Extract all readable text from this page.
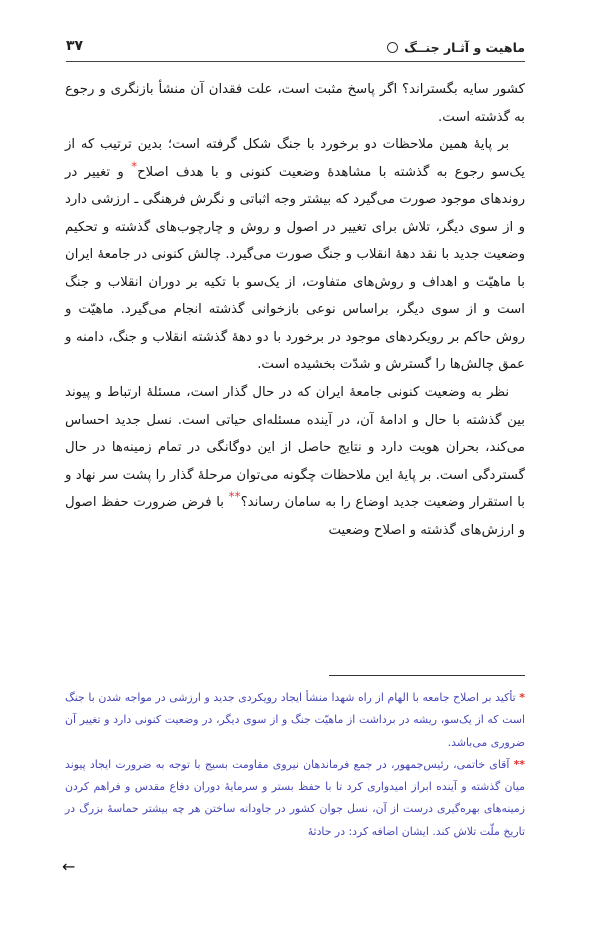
ماهیت و آثـار جنــگ
۳۷

کشور سایه بگستراند؟ اگر پاسخ مثبت است، علت فقدان آن منشأ بازنگری و رجوع به گذشته است.

بر پایهٔ همین ملاحظات دو برخورد با جنگ شکل گرفته است؛ بدین ترتیب که از یک‌سو رجوع به گذشته با مشاهدهٔ وضعیت کنونی و با هدف اصلاح* و تغییر در روندهای موجود صورت می‌گیرد که بیشتر وجه اثباتی و نگرش فرهنگی ـ ارزشی دارد و از سوی دیگر، تلاش برای تغییر در اصول و روش و چارچوب‌های گذشته و تحکیم وضعیت جدید با نقد دههٔ انقلاب و جنگ صورت می‌گیرد. چالش کنونی در جامعهٔ ایران با ماهیّت و اهداف و روش‌های متفاوت، از یک‌سو با تکیه بر دوران انقلاب و جنگ است و از سوی دیگر، براساس نوعی بازخوانی گذشته انجام می‌گیرد. ماهیّت و روش حاکم بر رویکردهای موجود در برخورد با دو دههٔ گذشته انقلاب و جنگ، دامنه و عمق چالش‌ها را گسترش و شدّت بخشیده است.

نظر به وضعیت کنونی جامعهٔ ایران که در حال گذار است، مسئلهٔ ارتباط و پیوند بین گذشته با حال و ادامهٔ آن، در آینده مسئله‌ای حیاتی است. نسل جدید احساس می‌کند، بحران هویت دارد و نتایج حاصل از این دوگانگی در تمام زمینه‌ها در حال گستردگی است. بر پایهٔ این ملاحظات چگونه می‌توان مرحلهٔ گذار را پشت سر نهاد و با استقرار وضعیت جدید اوضاع را به سامان رساند؟** با فرض ضرورت حفظ اصول و ارزش‌های گذشته و اصلاح وضعیت

* تأکید بر اصلاح جامعه با الهام از راه شهدا منشأ ایجاد رویکردی جدید و ارزشی در مواجه شدن با جنگ است که از یک‌سو، ریشه در برداشت از ماهیّت جنگ و از سوی دیگر، در وضعیت کنونی دارد و تغییر آن ضروری می‌باشد.

** آقای خاتمی، رئیس‌جمهور، در جمع فرماندهان نیروی مقاومت بسیج با توجه به ضرورت ایجاد پیوند میان گذشته و آینده ابراز امیدواری کرد تا با حفظ بستر و سرمایهٔ دوران دفاع مقدس و فراهم کردن زمینه‌های بهره‌گیری درست از آن، نسل جوان کشور در جاودانه ساختن هر چه بیشتر حماسهٔ بزرگ در تاریخ ملّت تلاش کند. ایشان اضافه کرد: در حادثهٔ

←
